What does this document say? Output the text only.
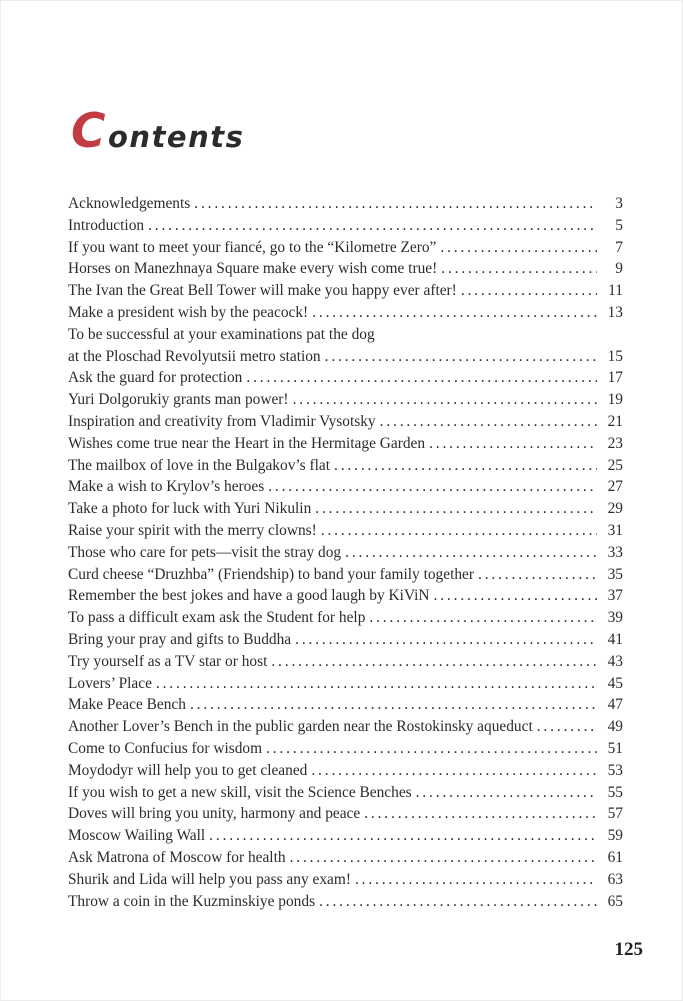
Contents
Acknowledgements . . .	3
Introduction . . .	5
If you want to meet your fiancé, go to the “Kilometre Zero” . . .	7
Horses on Manezhnaya Square make every wish come true! . . .	9
The Ivan the Great Bell Tower will make you happy ever after! . . .	11
Make a president wish by the peacock! . . .	13
To be successful at your examinations pat the dog
at the Ploschad Revolyutsii metro station . . .	15
Ask the guard for protection . . .	17
Yuri Dolgorukiy grants man power! . . .	19
Inspiration and creativity from Vladimir Vysotsky . . .	21
Wishes come true near the Heart in the Hermitage Garden . . .	23
The mailbox of love in the Bulgakov’s flat . . .	25
Make a wish to Krylov’s heroes . . .	27
Take a photo for luck with Yuri Nikulin . . .	29
Raise your spirit with the merry clowns! . . .	31
Those who care for pets—visit the stray dog . . .	33
Curd cheese “Druzhba” (Friendship) to band your family together . . .	35
Remember the best jokes and have a good laugh by KiViN . . .	37
To pass a difficult exam ask the Student for help . . .	39
Bring your pray and gifts to Buddha . . .	41
Try yourself as a TV star or host . . .	43
Lovers’ Place . . .	45
Make Peace Bench . . .	47
Another Lover’s Bench in the public garden near the Rostokinsky aqueduct . . .	49
Come to Confucius for wisdom . . .	51
Moydodyr will help you to get cleaned . . .	53
If you wish to get a new skill, visit the Science Benches . . .	55
Doves will bring you unity, harmony and peace . . .	57
Moscow Wailing Wall . . .	59
Ask Matrona of Moscow for health . . .	61
Shurik and Lida will help you pass any exam! . . .	63
Throw a coin in the Kuzminskiye ponds . . .	65
125
